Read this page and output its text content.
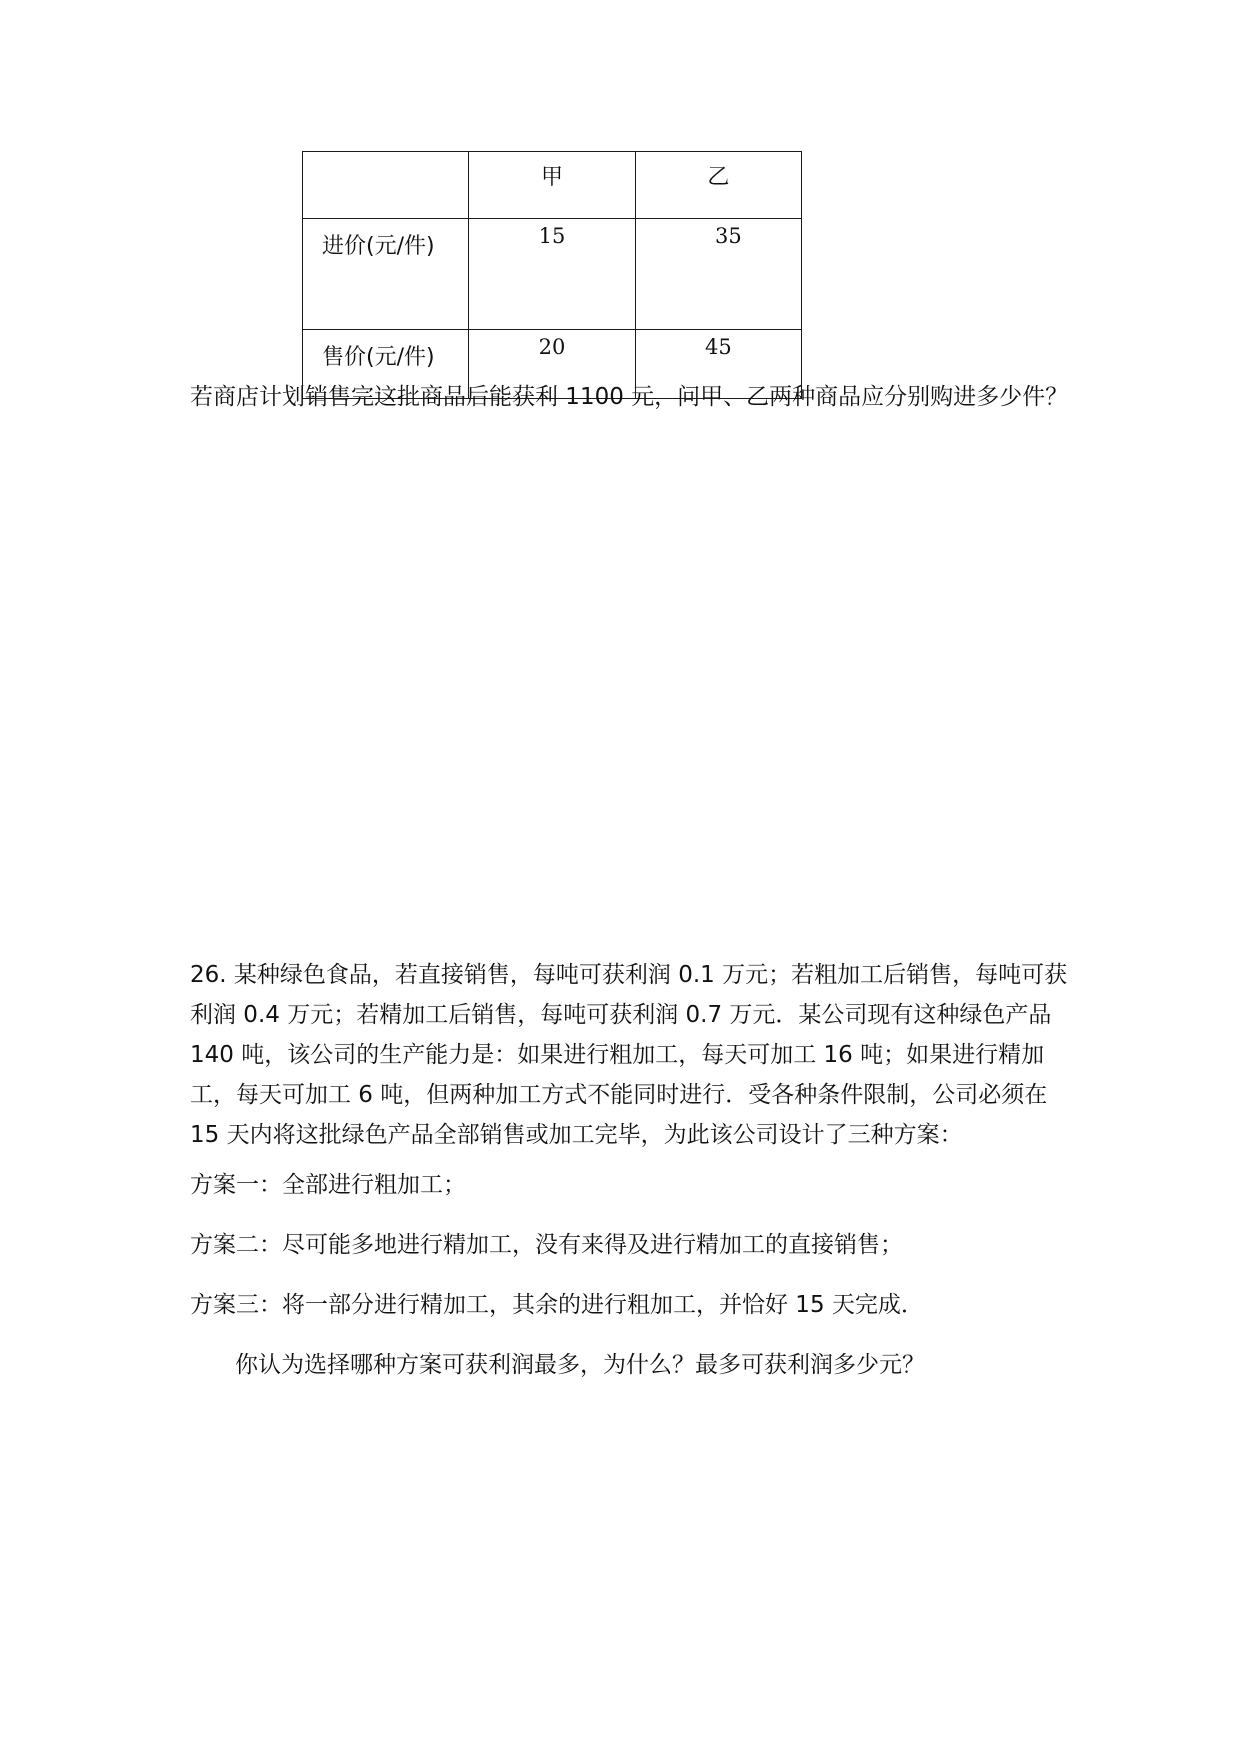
	甲	乙
进价(元/件)	15	35
售价(元/件)	20	45

若商店计划销售完这批商品后能获利 1100 元，问甲、乙两种商品应分别购进多少件？

26. 某种绿色食品，若直接销售，每吨可获利润 0.1 万元；若粗加工后销售，每吨可获利润 0.4 万元；若精加工后销售，每吨可获利润 0.7 万元．某公司现有这种绿色产品 140 吨，该公司的生产能力是：如果进行粗加工，每天可加工 16 吨；如果进行精加工，每天可加工 6 吨，但两种加工方式不能同时进行．受各种条件限制，公司必须在 15 天内将这批绿色产品全部销售或加工完毕，为此该公司设计了三种方案：

方案一：全部进行粗加工；

方案二：尽可能多地进行精加工，没有来得及进行精加工的直接销售；

方案三：将一部分进行精加工，其余的进行粗加工，并恰好 15 天完成．

你认为选择哪种方案可获利润最多，为什么？最多可获利润多少元？
